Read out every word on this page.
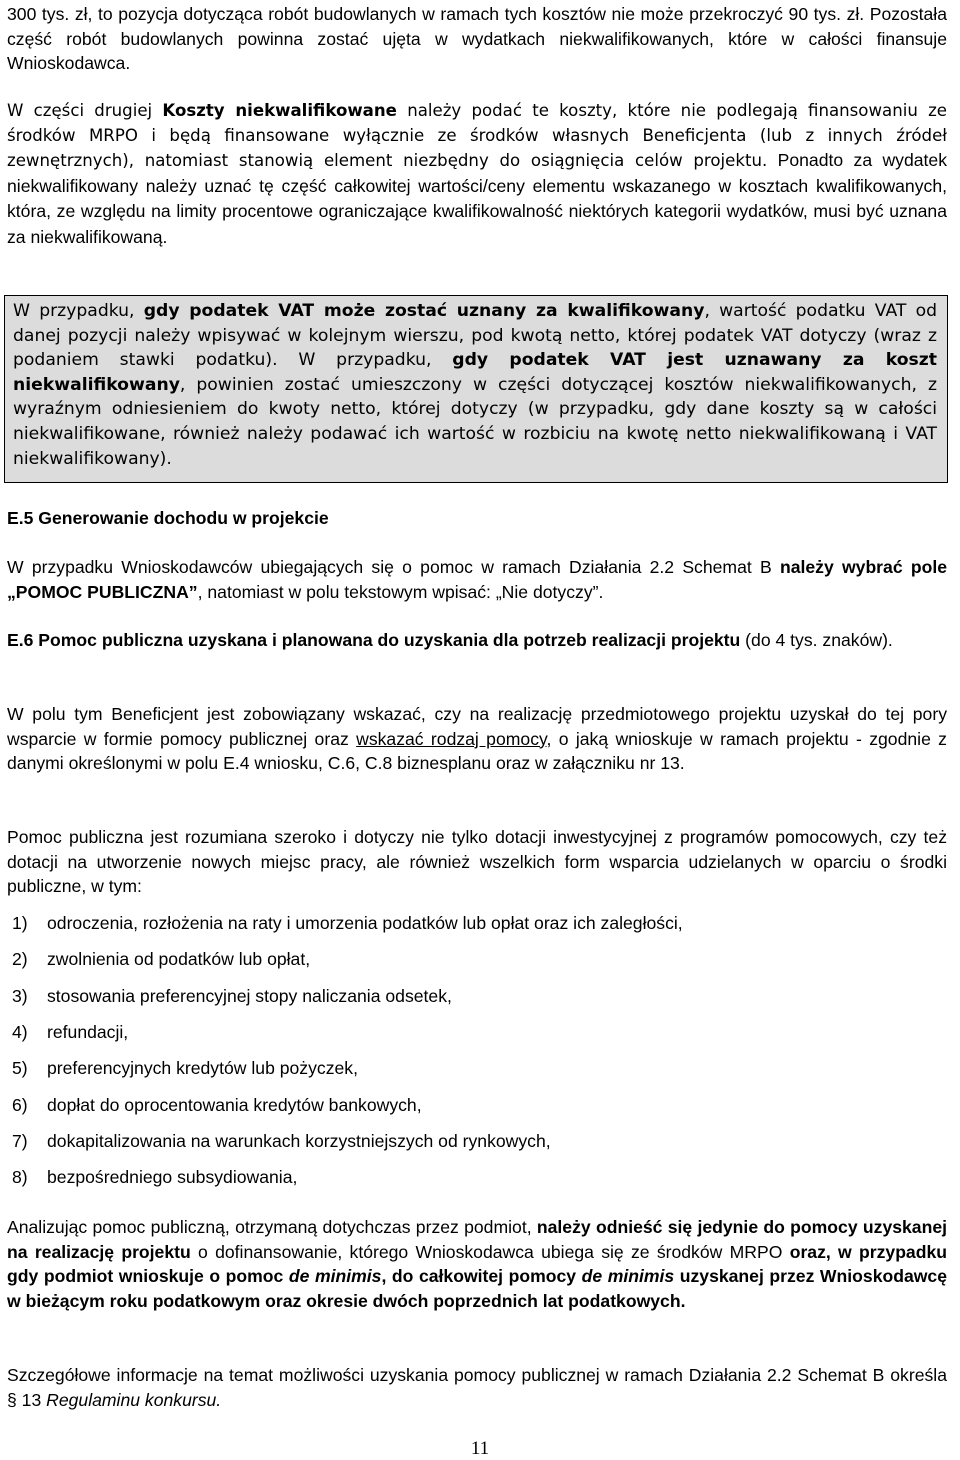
300 tys. zł, to pozycja dotycząca robót budowlanych w ramach tych kosztów nie może przekroczyć 90 tys. zł. Pozostała część robót budowlanych powinna zostać ujęta w wydatkach niekwalifikowanych, które w całości finansuje Wnioskodawca.

W części drugiej Koszty niekwalifikowane należy podać te koszty, które nie podlegają finansowaniu ze środków MRPO i będą finansowane wyłącznie ze środków własnych Beneficjenta (lub z innych źródeł zewnętrznych), natomiast stanowią element niezbędny do osiągnięcia celów projektu. Ponadto za wydatek niekwalifikowany należy uznać tę część całkowitej wartości/ceny elementu wskazanego w kosztach kwalifikowanych, która, ze względu na limity procentowe ograniczające kwalifikowalność niektórych kategorii wydatków, musi być uznana za niekwalifikowaną.

W przypadku, gdy podatek VAT może zostać uznany za kwalifikowany, wartość podatku VAT od danej pozycji należy wpisywać w kolejnym wierszu, pod kwotą netto, której podatek VAT dotyczy (wraz z podaniem stawki podatku). W przypadku, gdy podatek VAT jest uznawany za koszt niekwalifikowany, powinien zostać umieszczony w części dotyczącej kosztów niekwalifikowanych, z wyraźnym odniesieniem do kwoty netto, której dotyczy (w przypadku, gdy dane koszty są w całości niekwalifikowane, również należy podawać ich wartość w rozbiciu na kwotę netto niekwalifikowaną i VAT niekwalifikowany).

E.5 Generowanie dochodu w projekcie

W przypadku Wnioskodawców ubiegających się o pomoc w ramach Działania 2.2 Schemat B należy wybrać pole „POMOC PUBLICZNA”, natomiast w polu tekstowym wpisać: „Nie dotyczy”.

E.6 Pomoc publiczna uzyskana i planowana do uzyskania dla potrzeb realizacji projektu (do 4 tys. znaków).

W polu tym Beneficjent jest zobowiązany wskazać, czy na realizację przedmiotowego projektu uzyskał do tej pory wsparcie w formie pomocy publicznej oraz wskazać rodzaj pomocy, o jaką wnioskuje w ramach projektu - zgodnie z danymi określonymi w polu E.4 wniosku, C.6, C.8 biznesplanu oraz w załączniku nr 13.

Pomoc publiczna jest rozumiana szeroko i dotyczy nie tylko dotacji inwestycyjnej z programów pomocowych, czy też dotacji na utworzenie nowych miejsc pracy, ale również wszelkich form wsparcia udzielanych w oparciu o środki publiczne, w tym:

1) odroczenia, rozłożenia na raty i umorzenia podatków lub opłat oraz ich zaległości,
2) zwolnienia od podatków lub opłat,
3) stosowania preferencyjnej stopy naliczania odsetek,
4) refundacji,
5) preferencyjnych kredytów lub pożyczek,
6) dopłat do oprocentowania kredytów bankowych,
7) dokapitalizowania na warunkach korzystniejszych od rynkowych,
8) bezpośredniego subsydiowania,

Analizując pomoc publiczną, otrzymaną dotychczas przez podmiot, należy odnieść się jedynie do pomocy uzyskanej na realizację projektu o dofinansowanie, którego Wnioskodawca ubiega się ze środków MRPO oraz, w przypadku gdy podmiot wnioskuje o pomoc de minimis, do całkowitej pomocy de minimis uzyskanej przez Wnioskodawcę w bieżącym roku podatkowym oraz okresie dwóch poprzednich lat podatkowych.

Szczegółowe informacje na temat możliwości uzyskania pomocy publicznej w ramach Działania 2.2 Schemat B określa § 13 Regulaminu konkursu.

11
